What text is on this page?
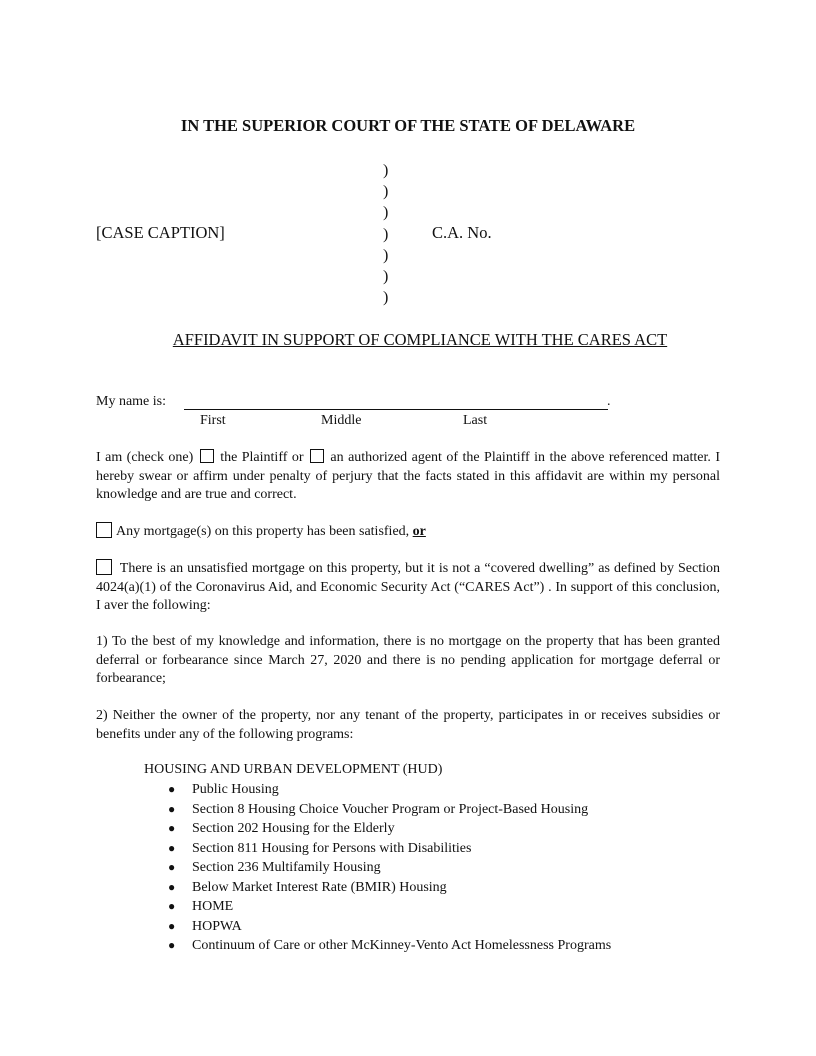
IN THE SUPERIOR COURT OF THE STATE OF DELAWARE
)
)
)
)
)
)
)
[CASE CAPTION]	C.A. No.
AFFIDAVIT IN SUPPORT OF COMPLIANCE WITH THE CARES ACT
My name is:	.
First	Middle	Last
I am (check one) the Plaintiff or an authorized agent of the Plaintiff in the above referenced matter. I hereby swear or affirm under penalty of perjury that the facts stated in this affidavit are within my personal knowledge and are true and correct.
Any mortgage(s) on this property has been satisfied, or
There is an unsatisfied mortgage on this property, but it is not a “covered dwelling” as defined by Section 4024(a)(1) of the Coronavirus Aid, and Economic Security Act (“CARES Act”) . In support of this conclusion, I aver the following:
1) To the best of my knowledge and information, there is no mortgage on the property that has been granted deferral or forbearance since March 27, 2020 and there is no pending application for mortgage deferral or forbearance;
2) Neither the owner of the property, nor any tenant of the property, participates in or receives subsidies or benefits under any of the following programs:
HOUSING AND URBAN DEVELOPMENT (HUD)
● Public Housing
● Section 8 Housing Choice Voucher Program or Project-Based Housing
● Section 202 Housing for the Elderly
● Section 811 Housing for Persons with Disabilities
● Section 236 Multifamily Housing
● Below Market Interest Rate (BMIR) Housing
● HOME
● HOPWA
● Continuum of Care or other McKinney-Vento Act Homelessness Programs
